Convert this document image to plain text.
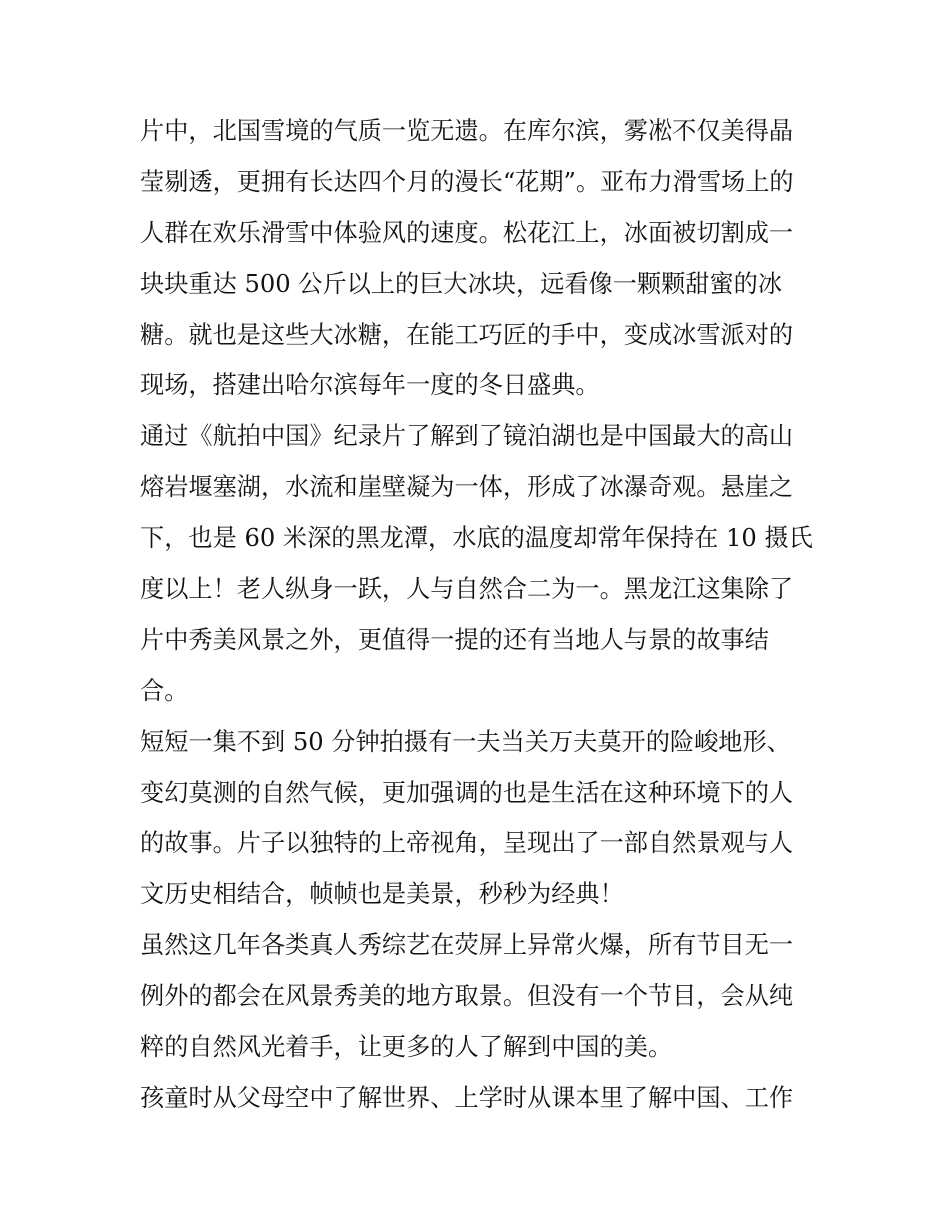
片中，北国雪境的气质一览无遗。在库尔滨，雾凇不仅美得晶
莹剔透，更拥有长达四个月的漫长“花期”。亚布力滑雪场上的
人群在欢乐滑雪中体验风的速度。松花江上，冰面被切割成一
块块重达 500 公斤以上的巨大冰块，远看像一颗颗甜蜜的冰
糖。就也是这些大冰糖，在能工巧匠的手中，变成冰雪派对的
现场，搭建出哈尔滨每年一度的冬日盛典。
通过《航拍中国》纪录片了解到了镜泊湖也是中国最大的高山
熔岩堰塞湖，水流和崖壁凝为一体，形成了冰瀑奇观。悬崖之
下，也是 60 米深的黑龙潭，水底的温度却常年保持在 10 摄氏
度以上！老人纵身一跃，人与自然合二为一。黑龙江这集除了
片中秀美风景之外，更值得一提的还有当地人与景的故事结
合。
短短一集不到 50 分钟拍摄有一夫当关万夫莫开的险峻地形、
变幻莫测的自然气候，更加强调的也是生活在这种环境下的人
的故事。片子以独特的上帝视角，呈现出了一部自然景观与人
文历史相结合，帧帧也是美景，秒秒为经典！
虽然这几年各类真人秀综艺在荧屏上异常火爆，所有节目无一
例外的都会在风景秀美的地方取景。但没有一个节目，会从纯
粹的自然风光着手，让更多的人了解到中国的美。
孩童时从父母空中了解世界、上学时从课本里了解中国、工作
